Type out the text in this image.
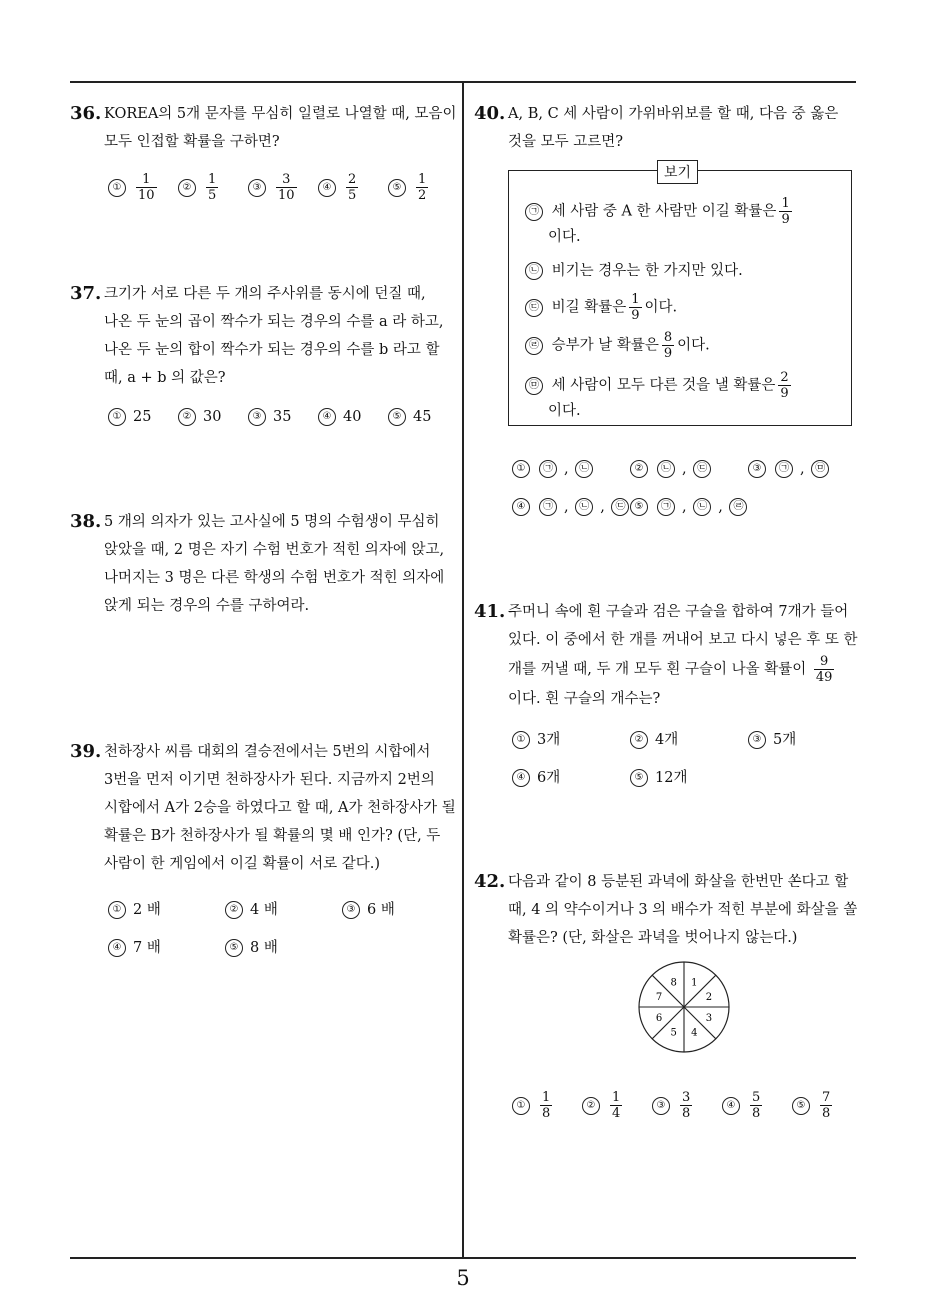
5
36. KOREA의 5개 문자를 무심히 일렬로 나열할 때, 모음이 모두 인접할 확률을 구하면?
① $\frac{1}{10}$	② $\frac{1}{5}$	③ $\frac{3}{10}$	④ $\frac{2}{5}$	⑤ $\frac{1}{2}$
37. 크기가 서로 다른 두 개의 주사위를 동시에 던질 때, 나온 두 눈의 곱이 짝수가 되는 경우의 수를 a 라 하고, 나온 두 눈의 합이 짝수가 되는 경우의 수를 b 라고 할 때, a + b 의 값은?
① 25	② 30	③ 35	④ 40	⑤ 45
38. 5 개의 의자가 있는 고사실에 5 명의 수험생이 무심히 앉았을 때, 2 명은 자기 수험 번호가 적힌 의자에 앉고, 나머지는 3 명은 다른 학생의 수험 번호가 적힌 의자에 앉게 되는 경우의 수를 구하여라.
39. 천하장사 씨름 대회의 결승전에서는 5번의 시합에서 3번을 먼저 이기면 천하장사가 된다. 지금까지 2번의 시합에서 A가 2승을 하였다고 할 때, A가 천하장사가 될 확률은 B가 천하장사가 될 확률의 몇 배 인가? (단, 두 사람이 한 게임에서 이길 확률이 서로 같다.)
① 2 배	② 4 배	③ 6 배
④ 7 배	⑤ 8 배
40. A, B, C 세 사람이 가위바위보를 할 때, 다음 중 옳은 것을 모두 고르면?
보기
㉠ 세 사람 중 A 한 사람만 이길 확률은 $\frac{1}{9}$
이다.
㉡ 비기는 경우는 한 가지만 있다.
㉢ 비길 확률은 $\frac{1}{9}$ 이다.
㉣ 승부가 날 확률은 $\frac{8}{9}$ 이다.
㉤ 세 사람이 모두 다른 것을 낼 확률은 $\frac{2}{9}$
이다.
① ㉠ , ㉡	② ㉡ , ㉢	③ ㉠ , ㉤
④ ㉠ , ㉡ , ㉢ ⑤ ㉠ , ㉡ , ㉣
41. 주머니 속에 흰 구슬과 검은 구슬을 합하여 7개가 들어 있다. 이 중에서 한 개를 꺼내어 보고 다시 넣은 후 또 한 개를 꺼낼 때, 두 개 모두 흰 구슬이 나올 확률이 $\frac{9}{49}$
이다. 흰 구슬의 개수는?
① 3개	② 4개	③ 5개
④ 6개	⑤ 12개
42. 다음과 같이 8 등분된 과녁에 화살을 한번만 쏜다고 할 때, 4 의 약수이거나 3 의 배수가 적힌 부분에 화살을 쏠 확률은? (단, 화살은 과녁을 벗어나지 않는다.)
1
2
3
4
5
6
7
8
① $\frac{1}{8}$	② $\frac{1}{4}$	③ $\frac{3}{8}$	④ $\frac{5}{8}$	⑤ $\frac{7}{8}$
